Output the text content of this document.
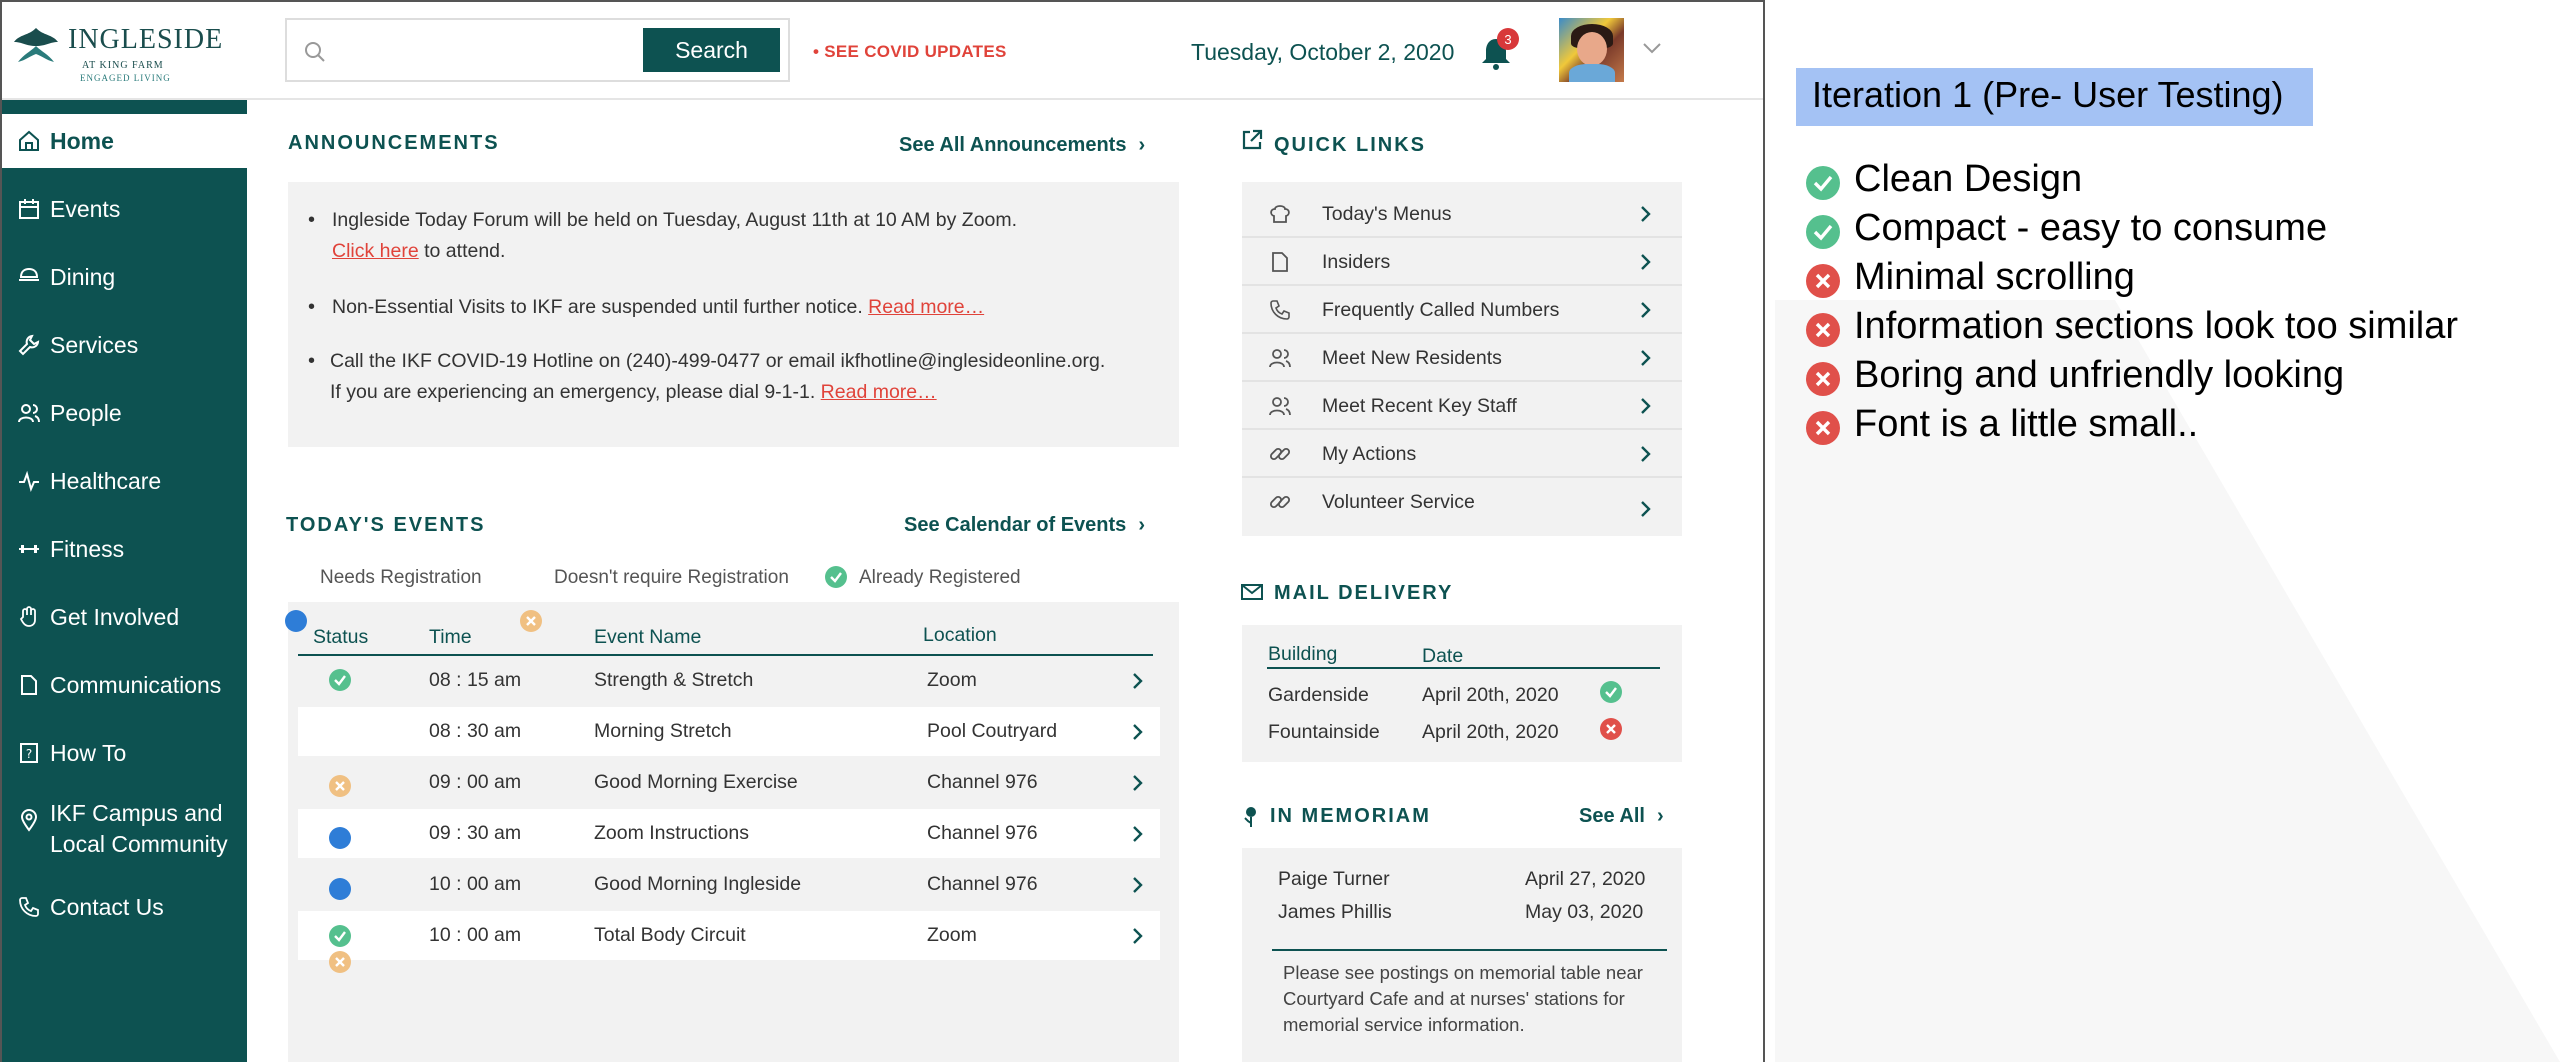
INGLESIDE
AT KING FARM
ENGAGED LIVING
Search	• SEE COVID UPDATES	Tuesday, October 2, 2020	3
Home
Events
Dining
Services
People
Healthcare
Fitness
Get Involved
Communications
? How To
IKF Campus and
Local Community
Contact Us
ANNOUNCEMENTS	See All Announcements ›
• Ingleside Today Forum will be held on Tuesday, August 11th at 10 AM by Zoom.
Click here to attend.
• Non-Essential Visits to IKF are suspended until further notice. Read more…
• Call the IKF COVID-19 Hotline on (240)-499-0477 or email ikfhotline@inglesideonline.org.
If you are experiencing an emergency, please dial 9-1-1. Read more…
TODAY'S EVENTS	See Calendar of Events ›
Needs Registration	Doesn't require Registration	Already Registered
Status	Time	Event Name	Location
08 : 15 am	Strength & Stretch	Zoom
08 : 30 am	Morning Stretch	Pool Coutryard
09 : 00 am	Good Morning Exercise	Channel 976
09 : 30 am	Zoom Instructions	Channel 976
10 : 00 am	Good Morning Ingleside	Channel 976
10 : 00 am	Total Body Circuit	Zoom
QUICK LINKS
Today's Menus
Insiders
Frequently Called Numbers
Meet New Residents
Meet Recent Key Staff
My Actions
Volunteer Service
MAIL DELIVERY
Building	Date
Gardenside	April 20th, 2020
Fountainside April 20th, 2020
IN MEMORIAM	See All ›
Paige Turner	April 27, 2020
James Phillis	May 03, 2020
Please see postings on memorial table near Courtyard Cafe and at nurses' stations for memorial service information.
Iteration 1 (Pre- User Testing)
Clean Design
Compact - easy to consume
Minimal scrolling
Information sections look too similar
Boring and unfriendly looking
Font is a little small..
